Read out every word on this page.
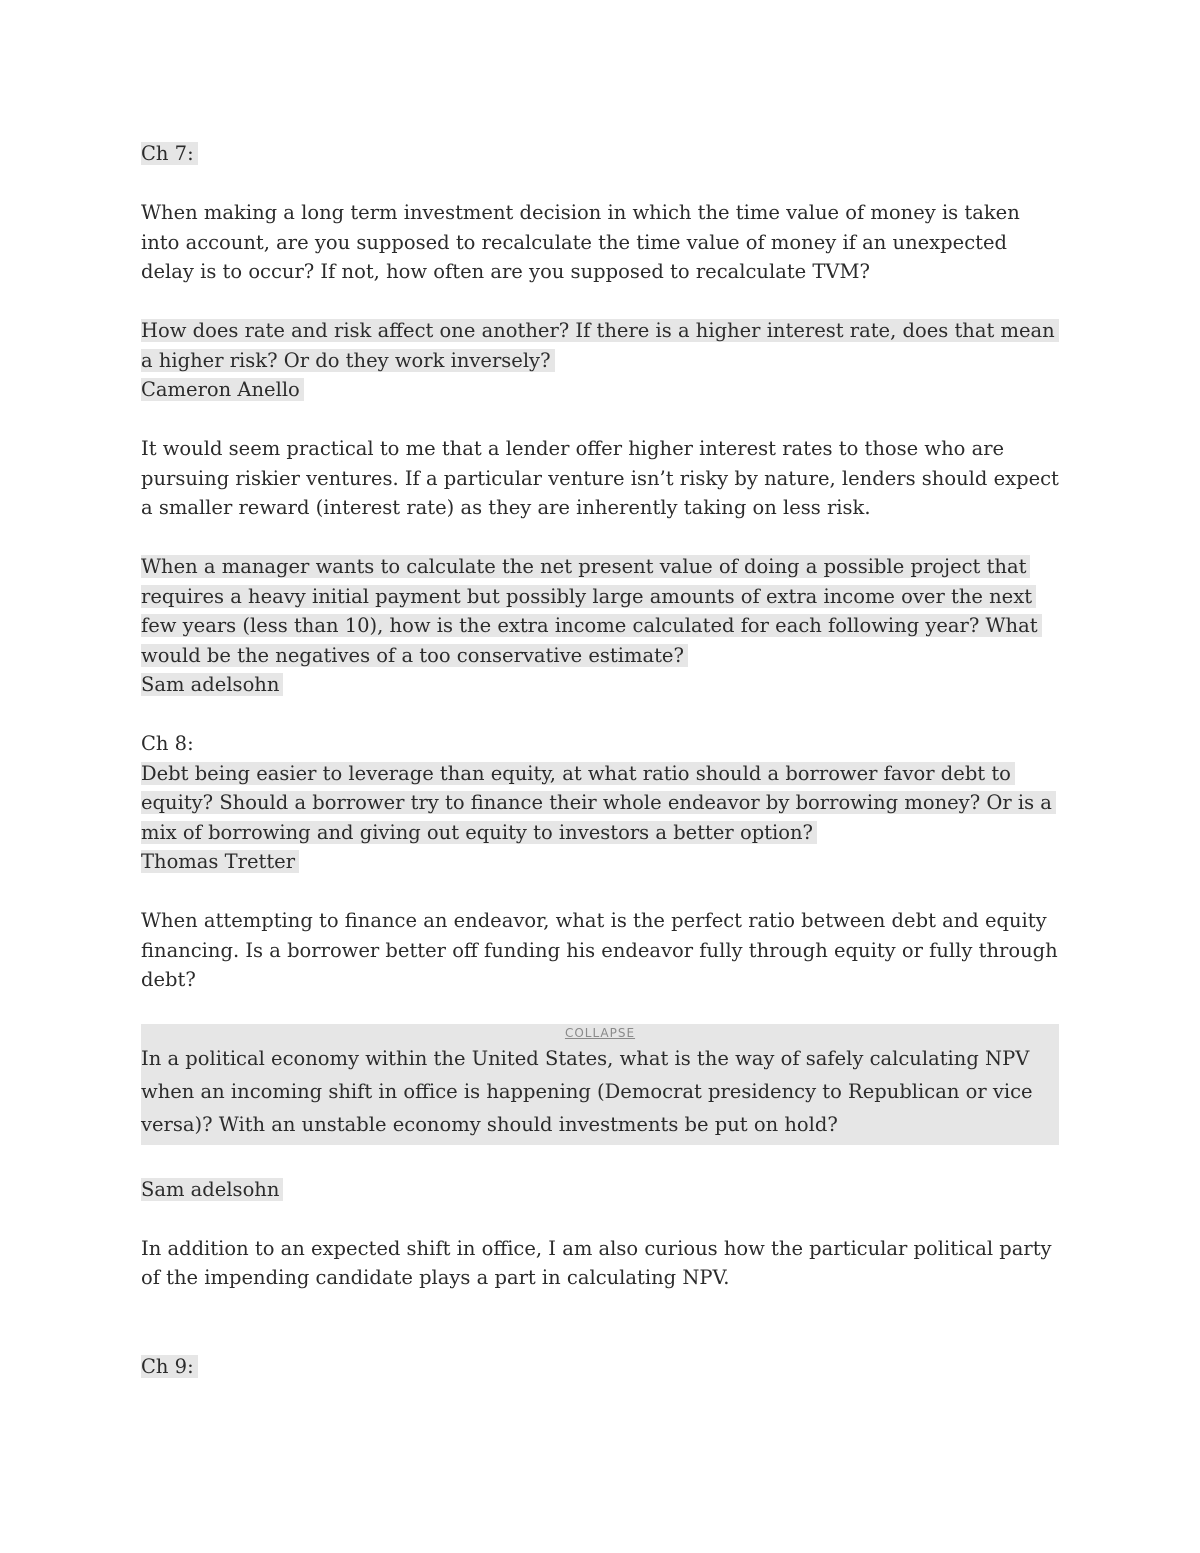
Ch 7:

When making a long term investment decision in which the time value of money is taken into account, are you supposed to recalculate the time value of money if an unexpected delay is to occur? If not, how often are you supposed to recalculate TVM?

How does rate and risk affect one another? If there is a higher interest rate, does that mean a higher risk? Or do they work inversely?

Cameron Anello

It would seem practical to me that a lender offer higher interest rates to those who are pursuing riskier ventures. If a particular venture isn’t risky by nature, lenders should expect a smaller reward (interest rate) as they are inherently taking on less risk.

When a manager wants to calculate the net present value of doing a possible project that requires a heavy initial payment but possibly large amounts of extra income over the next few years (less than 10), how is the extra income calculated for each following year? What would be the negatives of a too conservative estimate?

Sam adelsohn

Ch 8:

Debt being easier to leverage than equity, at what ratio should a borrower favor debt to equity? Should a borrower try to finance their whole endeavor by borrowing money? Or is a mix of borrowing and giving out equity to investors a better option?

Thomas Tretter

When attempting to finance an endeavor, what is the perfect ratio between debt and equity financing. Is a borrower better off funding his endeavor fully through equity or fully through debt?

COLLAPSE

In a political economy within the United States, what is the way of safely calculating NPV when an incoming shift in office is happening (Democrat presidency to Republican or vice versa)? With an unstable economy should investments be put on hold?

Sam adelsohn

In addition to an expected shift in office, I am also curious how the particular political party of the impending candidate plays a part in calculating NPV.

Ch 9:
